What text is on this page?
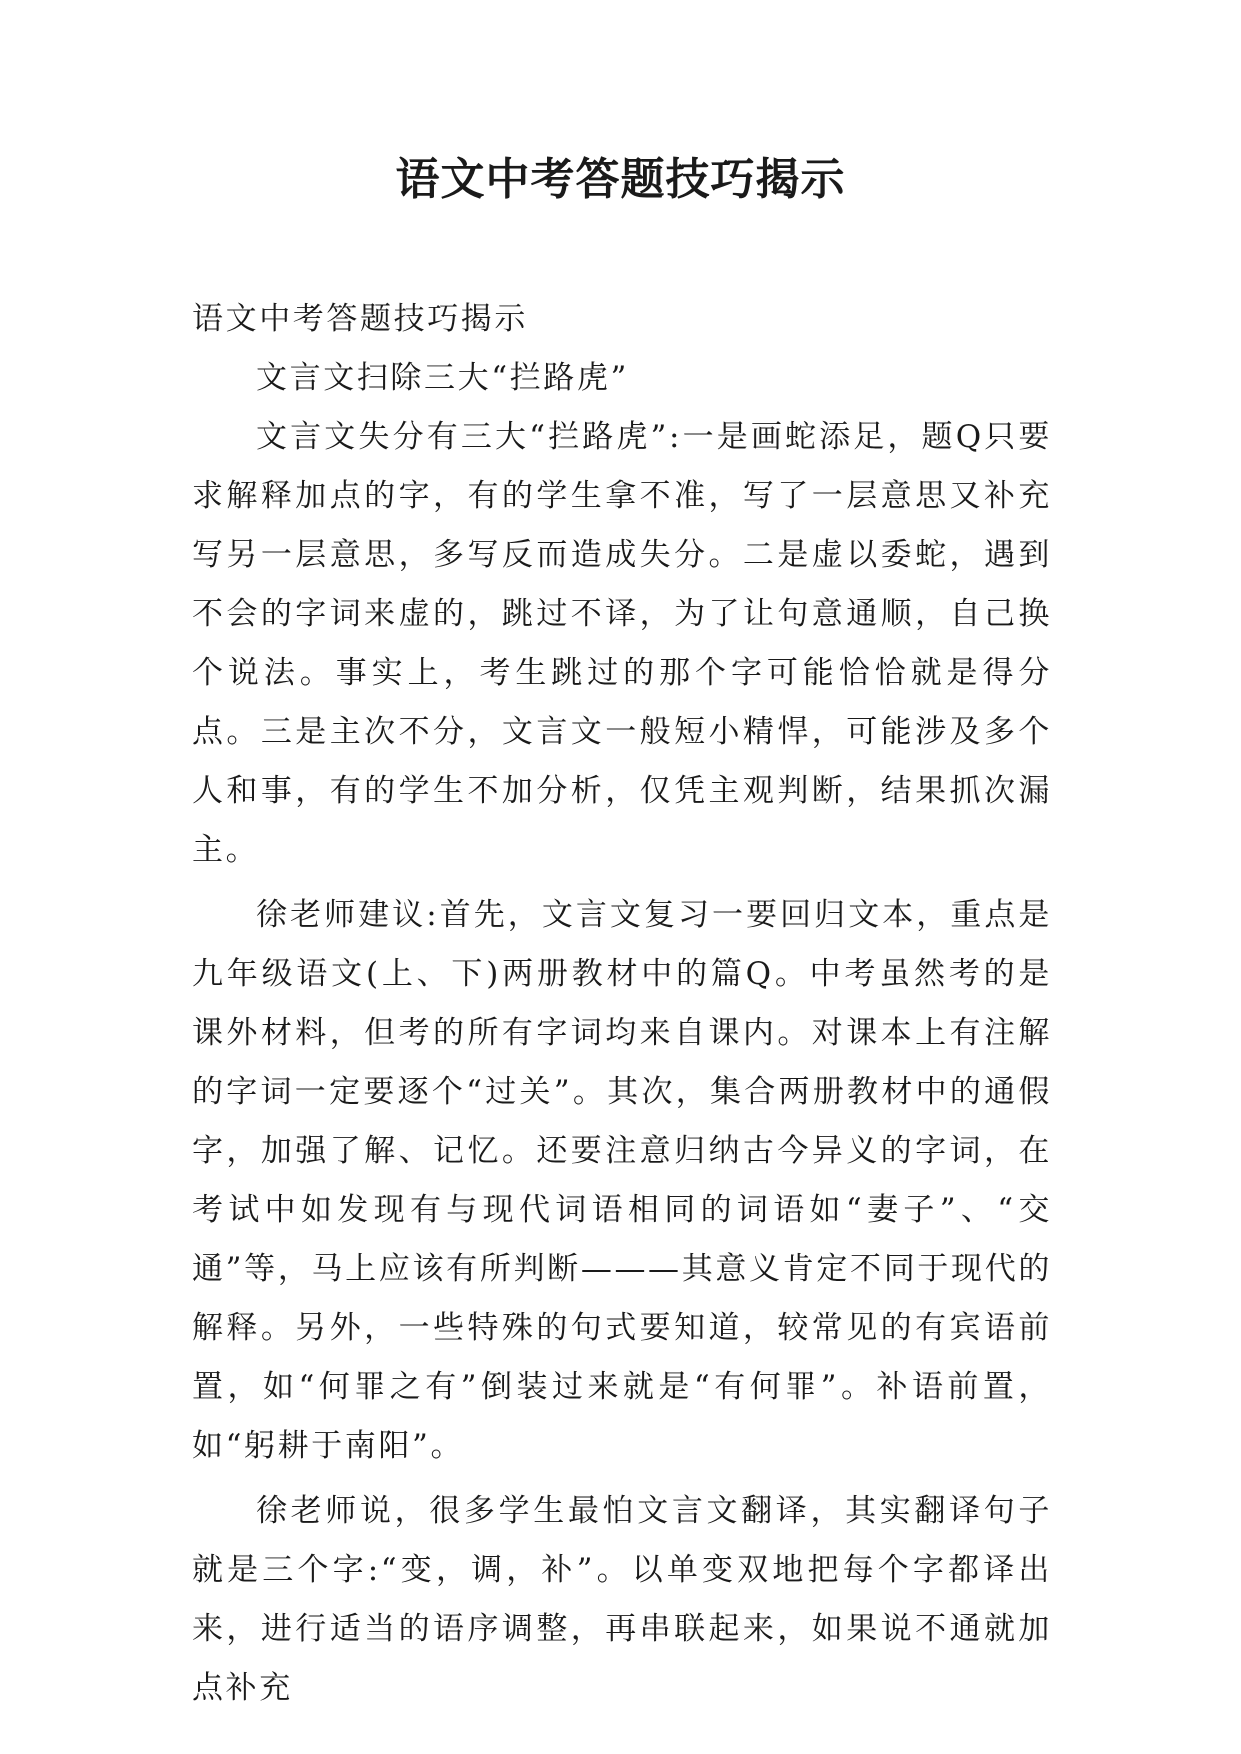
语文中考答题技巧揭示

语文中考答题技巧揭示

文言文扫除三大“拦路虎”

文言文失分有三大“拦路虎”:一是画蛇添足，题Q只要求解释加点的字，有的学生拿不准，写了一层意思又补充写另一层意思，多写反而造成失分。二是虚以委蛇，遇到不会的字词来虚的，跳过不译，为了让句意通顺，自己换个说法。事实上，考生跳过的那个字可能恰恰就是得分点。三是主次不分，文言文一般短小精悍，可能涉及多个人和事，有的学生不加分析，仅凭主观判断，结果抓次漏主。

徐老师建议:首先，文言文复习一要回归文本，重点是九年级语文(上、下)两册教材中的篇Q。中考虽然考的是课外材料，但考的所有字词均来自课内。对课本上有注解的字词一定要逐个“过关”。其次，集合两册教材中的通假字，加强了解、记忆。还要注意归纳古今异义的字词，在考试中如发现有与现代词语相同的词语如“妻子”、“交通”等，马上应该有所判断———其意义肯定不同于现代的解释。另外，一些特殊的句式要知道，较常见的有宾语前置，如“何罪之有”倒装过来就是“有何罪”。补语前置，如“躬耕于南阳”。

徐老师说，很多学生最怕文言文翻译，其实翻译句子就是三个字:“变，调，补”。以单变双地把每个字都译出来，进行适当的语序调整，再串联起来，如果说不通就加点补充
